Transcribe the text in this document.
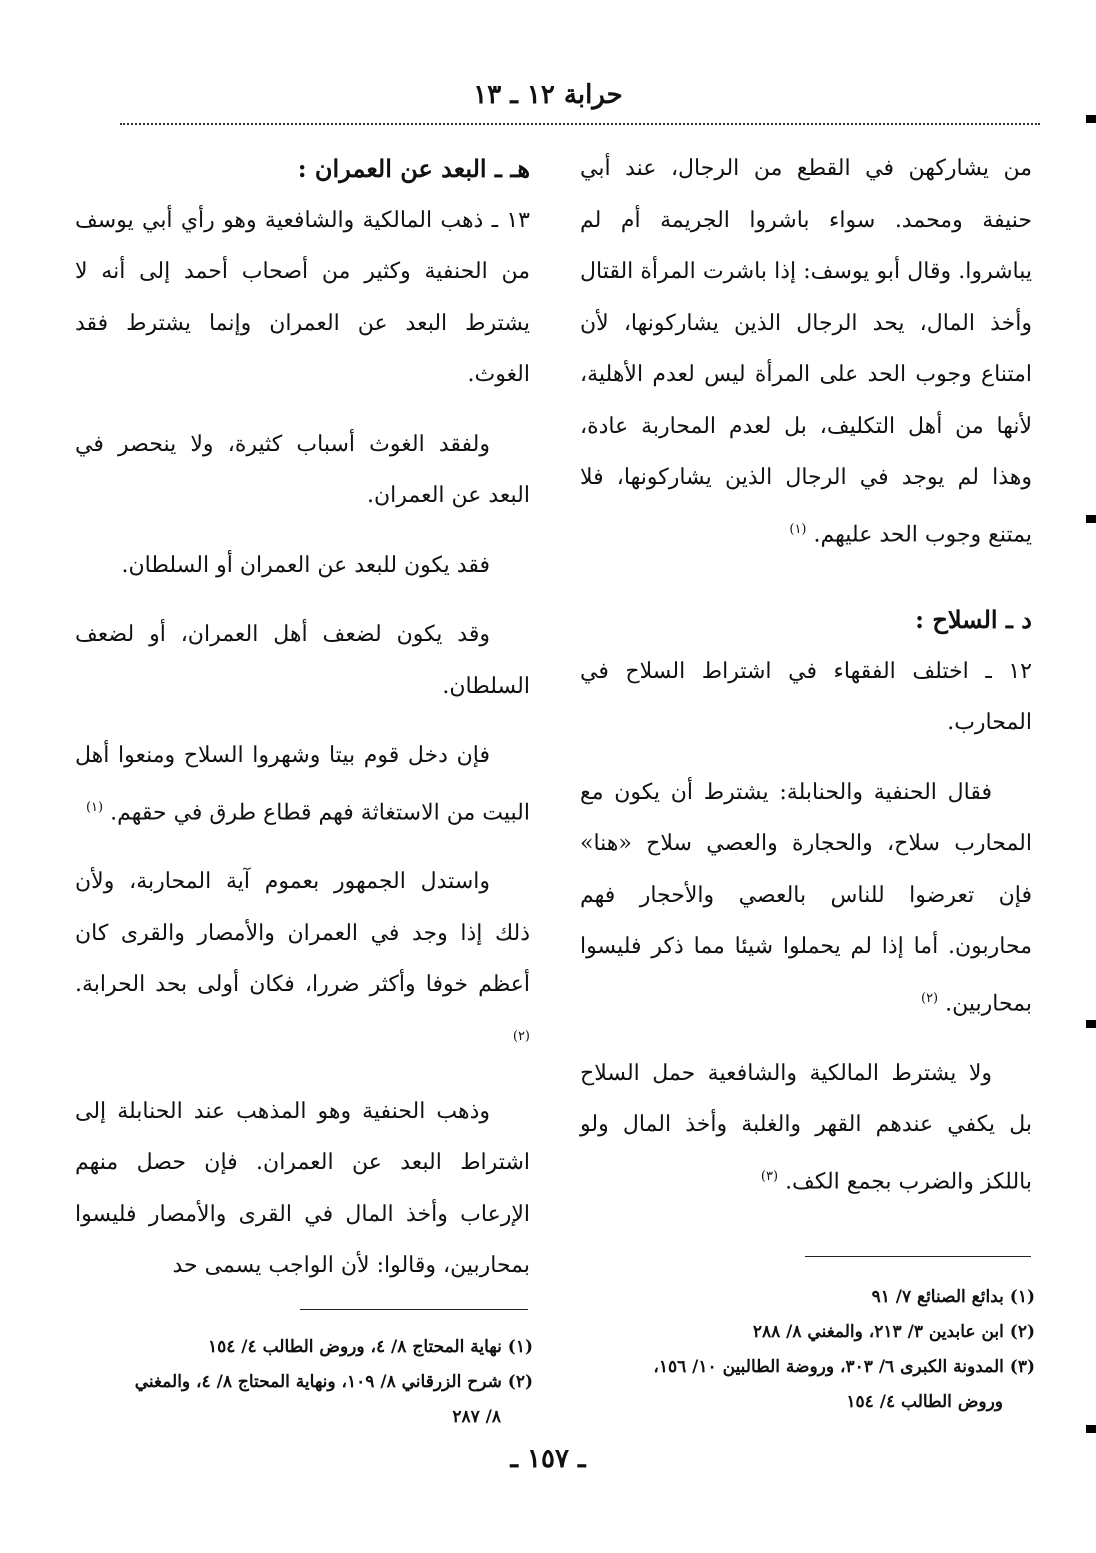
حرابة ١٢ ـ ١٣

من يشاركهن في القطع من الرجال، عند أبي حنيفة ومحمد. سواء باشروا الجريمة أم لم يباشروا. وقال أبو يوسف: إذا باشرت المرأة القتال وأخذ المال، يحد الرجال الذين يشاركونها، لأن امتناع وجوب الحد على المرأة ليس لعدم الأهلية، لأنها من أهل التكليف، بل لعدم المحاربة عادة، وهذا لم يوجد في الرجال الذين يشاركونها، فلا يمتنع وجوب الحد عليهم. $^{(١)}$

د ـ السلاح :

١٢ ـ اختلف الفقهاء في اشتراط السلاح في المحارب.

فقال الحنفية والحنابلة: يشترط أن يكون مع المحارب سلاح، والحجارة والعصي سلاح «هنا» فإن تعرضوا للناس بالعصي والأحجار فهم محاربون. أما إذا لم يحملوا شيئا مما ذكر فليسوا بمحاربين. $^{(٢)}$

ولا يشترط المالكية والشافعية حمل السلاح بل يكفي عندهم القهر والغلبة وأخذ المال ولو باللكز والضرب بجمع الكف. $^{(٣)}$

هـ ـ البعد عن العمران :

١٣ ـ ذهب المالكية والشافعية وهو رأي أبي يوسف من الحنفية وكثير من أصحاب أحمد إلى أنه لا يشترط البعد عن العمران وإنما يشترط فقد الغوث.

ولفقد الغوث أسباب كثيرة، ولا ينحصر في البعد عن العمران.

فقد يكون للبعد عن العمران أو السلطان.

وقد يكون لضعف أهل العمران، أو لضعف السلطان.

فإن دخل قوم بيتا وشهروا السلاح ومنعوا أهل البيت من الاستغاثة فهم قطاع طرق في حقهم. $^{(١)}$

واستدل الجمهور بعموم آية المحاربة، ولأن ذلك إذا وجد في العمران والأمصار والقرى كان أعظم خوفا وأكثر ضررا، فكان أولى بحد الحرابة. $^{(٢)}$

وذهب الحنفية وهو المذهب عند الحنابلة إلى اشتراط البعد عن العمران. فإن حصل منهم الإرعاب وأخذ المال في القرى والأمصار فليسوا بمحاربين، وقالوا: لأن الواجب يسمى حد

(١) بدائع الصنائع ٧/ ٩١
(٢) ابن عابدين ٣/ ٢١٣، والمغني ٨/ ٢٨٨
(٣) المدونة الكبرى ٦/ ٣٠٣، وروضة الطالبين ١٠/ ١٥٦،
وروض الطالب ٤/ ١٥٤
(١) نهاية المحتاج ٨/ ٤، وروض الطالب ٤/ ١٥٤
(٢) شرح الزرقاني ٨/ ١٠٩، ونهاية المحتاج ٨/ ٤، والمغني
٨/ ٢٨٧
ـ ١٥٧ ـ
